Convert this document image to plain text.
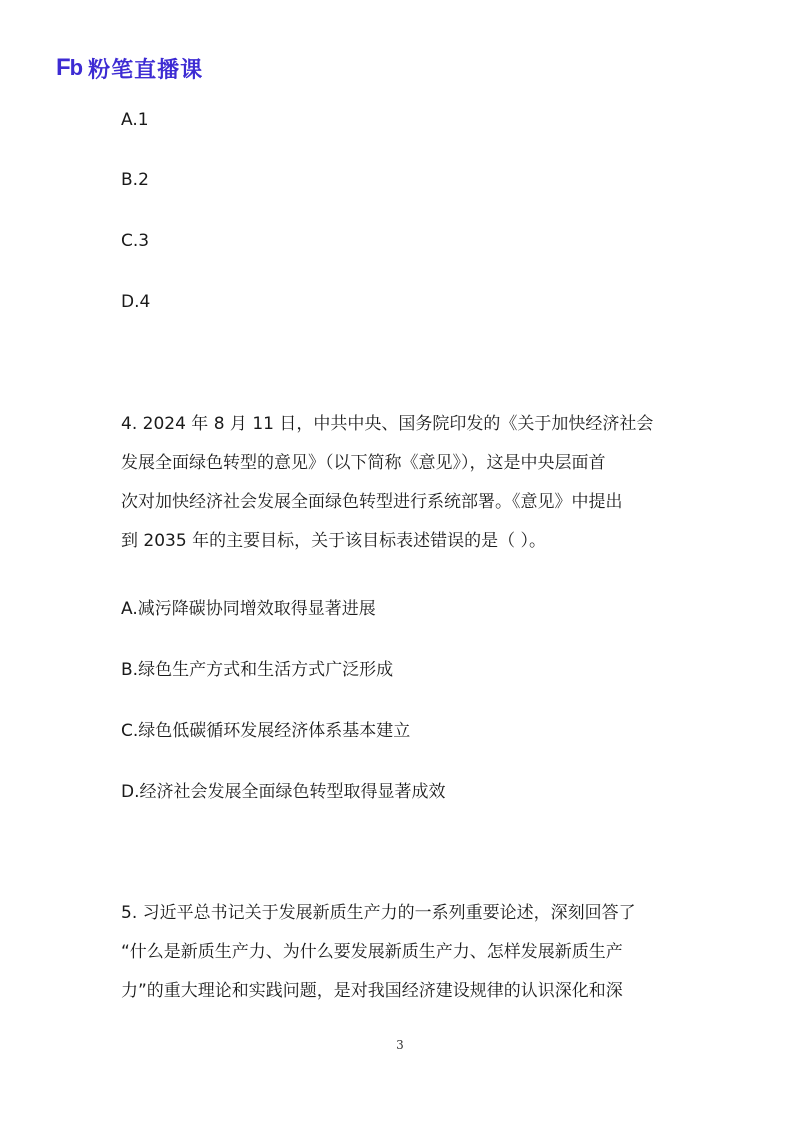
F b 粉笔直播课
A.1
B.2
C.3
D.4
4. 2024 年 8 月 11 日，中共中央、国务院印发的《关于加快经济社会
发展全面绿色转型的意见》（以下简称《意见》），这是中央层面首
次对加快经济社会发展全面绿色转型进行系统部署。《意见》中提出
到 2035 年的主要目标，关于该目标表述错误的是（ ）。
A.减污降碳协同增效取得显著进展
B.绿色生产方式和生活方式广泛形成
C.绿色低碳循环发展经济体系基本建立
D.经济社会发展全面绿色转型取得显著成效
5. 习近平总书记关于发展新质生产力的一系列重要论述，深刻回答了
“什么是新质生产力、为什么要发展新质生产力、怎样发展新质生产
力”的重大理论和实践问题，是对我国经济建设规律的认识深化和深
3
